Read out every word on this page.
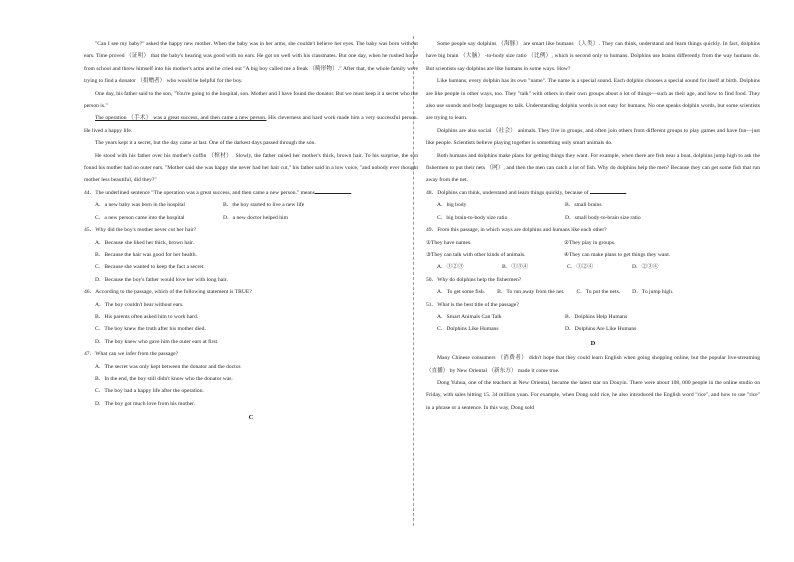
"Can I see my baby?" asked the happy new mother. When the baby was in her arms, she couldn't believe her eyes. The baby was born without ears. Time proved （证明） that the baby's hearing was good with no ears. He got on well with his classmates. But one day, when he rushed home from school and threw himself into his mother's arms and he cried out "A big boy called me a freak （畸形物）." After that, the whole family were trying to find a donator （捐赠者） who would be helpful for the boy.

One day, his father said to the son, "You're going to the hospital, son. Mother and I have found the donator. But we must keep it a secret who the person is."

The operation （手术） was a great success, and then came a new person. His cleverness and hard work made him a very successful person. He lived a happy life.

The years kept it a secret, but the day came at last. One of the darkest days passed through the son.

He stood with his father over his mother's coffin （棺材）. Slowly, the father raised her mother's thick, brown hair. To his surprise, the son found his mother had no outer ears. "Mother said she was happy she never had her hair cut," his father said in a low voice, "and nobody ever thought mother less beautiful, did they?"

44．The underlined sentence "The operation was a great success, and then came a new person." means	.

A．a new baby was born in the hospital	B．the boy started to live a new life
C．a new person came into the hospital	D．a new doctor helped him

45．Why did the boy's mother never cut her hair?

A．Because she liked her thick, brown hair.

B．Because the hair was good for her health.

C．Because she wanted to keep the fact a secret.

D．Because the boy's father would love her with long hair.

46．According to the passage, which of the following statement is TRUE?

A．The boy couldn't hear without ears.

B．His parents often asked him to work hard.

C．The boy knew the truth after his mother died.

D．The boy knew who gave him the outer ears at first.

47．What can we infer from the passage?

A．The secret was only kept between the donator and the doctor.

B．In the end, the boy still didn't know who the donator was.

C．The boy had a happy life after the operation.

D．The boy got much love from his mother.

C

Some people say dolphins （海豚） are smart like humans （人类）. They can think, understand and learn things quickly. In fact, dolphins have big brain （大脑） -to-body size ratio （比例）, which is second only to humans. Dolphins use brains differently from the way humans do. But scientists say dolphins are like humans in some ways. How?

Like humans, every dolphin has its own "name". The name is a special sound. Each dolphin chooses a special sound for itself at birth. Dolphins are like people in other ways, too. They "talk" with others in their own groups about a lot of things—such as their age, and how to find food. They also use sounds and body languages to talk. Understanding dolphin words is not easy for humans. No one speaks dolphin words, but some scientists are trying to learn.

Dolphins are also social （社会） animals. They live in groups, and often join others from different groups to play games and have fun—just like people. Scientists believe playing together is something only smart animals do.

Both humans and dolphins make plans for getting things they want. For example, when there are fish near a boat, dolphins jump high to ask the fishermen to put their nets （网）, and then the men can catch a lot of fish. Why do dolphins help the men? Because they can get some fish that run away from the net.

48．Dolphins can think, understand and learn things quickly, because of	.

A．big body	B．small brains
C．big brain-to-body size ratio	D．small body-to-brain size ratio

49．From this passage, in which ways are dolphins and humans like each other?

①They have names.	②They play in groups.
③They can talk with other kinds of animals.	④They can make plans to get things they want.
A．①②③	B．①③④	C．①②④	D．②③④

50．Why do dolphins help the fishermen?

A．To get some fish. B．To run away from the net. C．To put the nets. D．To jump high.

51．What is the best title of the passage?

A．Smart Animals Can Talk	B．Dolphins Help Humans
C．Dolphins Like Humans	D．Dolphins Are Like Humans

D

Many Chinese consumers （消费者） didn't hope that they could learn English when going shopping online, but the popular live-streaming （直播） by New Oriental （新东方） made it come true.

Dong Yuhua, one of the teachers at New Oriental, became the latest star on Douyin. There were about 108, 000 people in the online studio on Friday, with sales hitting 15. 34 million yuan. For example, when Dong sold rice, he also introduced the English word "rice", and how to use "rice" in a phrase or a sentence. In this way, Dong sold
